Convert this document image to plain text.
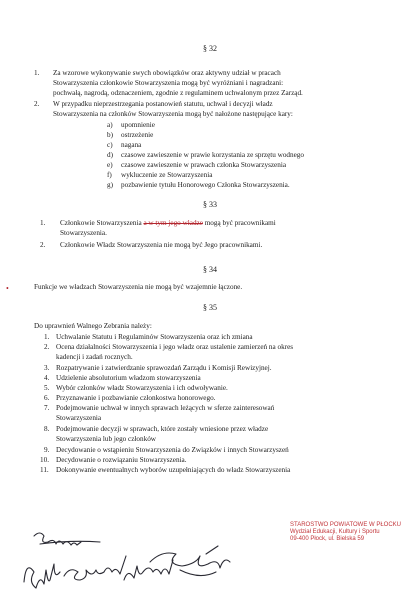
§ 32
1. Za wzorowe wykonywanie swych obowiązków oraz aktywny udział w pracach
Stowarzyszenia członkowie Stowarzyszenia mogą być wyróżniani i nagradzani:
pochwałą, nagrodą, odznaczeniem, zgodnie z regulaminem uchwalonym przez Zarząd.
2. W przypadku nieprzestrzegania postanowień statutu, uchwał i decyzji władz
Stowarzyszenia na członków Stowarzyszenia mogą być nałożone następujące kary:
a) upomnienie
b) ostrzeżenie
c) nagana
d) czasowe zawieszenie w prawie korzystania ze sprzętu wodnego
e) czasowe zawieszenie w prawach członka Stowarzyszenia
f) wykluczenie ze Stowarzyszenia
g) pozbawienie tytułu Honorowego Członka Stowarzyszenia.
§ 33
1. Członkowie Stowarzyszenia a w tym jego władze mogą być pracownikami
Stowarzyszenia.
2. Członkowie Władz Stowarzyszenia nie mogą być Jego pracownikami.
§ 34
•	Funkcje we władzach Stowarzyszenia nie mogą być wzajemnie łączone.
§ 35
Do uprawnień Walnego Zebrania należy:
1. Uchwalanie Statutu i Regulaminów Stowarzyszenia oraz ich zmiana
2. Ocena działalności Stowarzyszenia i jego władz oraz ustalenie zamierzeń na okres
kadencji i zadań rocznych.
3. Rozpatrywanie i zatwierdzanie sprawozdań Zarządu i Komisji Rewizyjnej.
4. Udzielenie absolutorium władzom stowarzyszenia
5. Wybór członków władz Stowarzyszenia i ich odwoływanie.
6. Przyznawanie i pozbawianie członkostwa honorowego.
7. Podejmowanie uchwał w innych sprawach leżących w sferze zainteresowań
Stowarzyszenia
8. Podejmowanie decyzji w sprawach, które zostały wniesione przez władze
Stowarzyszenia lub jego członków
9. Decydowanie o wstąpieniu Stowarzyszenia do Związków i innych Stowarzyszeń
10. Decydowanie o rozwiązaniu Stowarzyszenia.
11. Dokonywanie ewentualnych wyborów uzupełniających do władz Stowarzyszenia
STAROSTWO POWIATOWE W PŁOCKU
Wydział Edukacji, Kultury i Sportu
09-400 Płock, ul. Bielska 59
